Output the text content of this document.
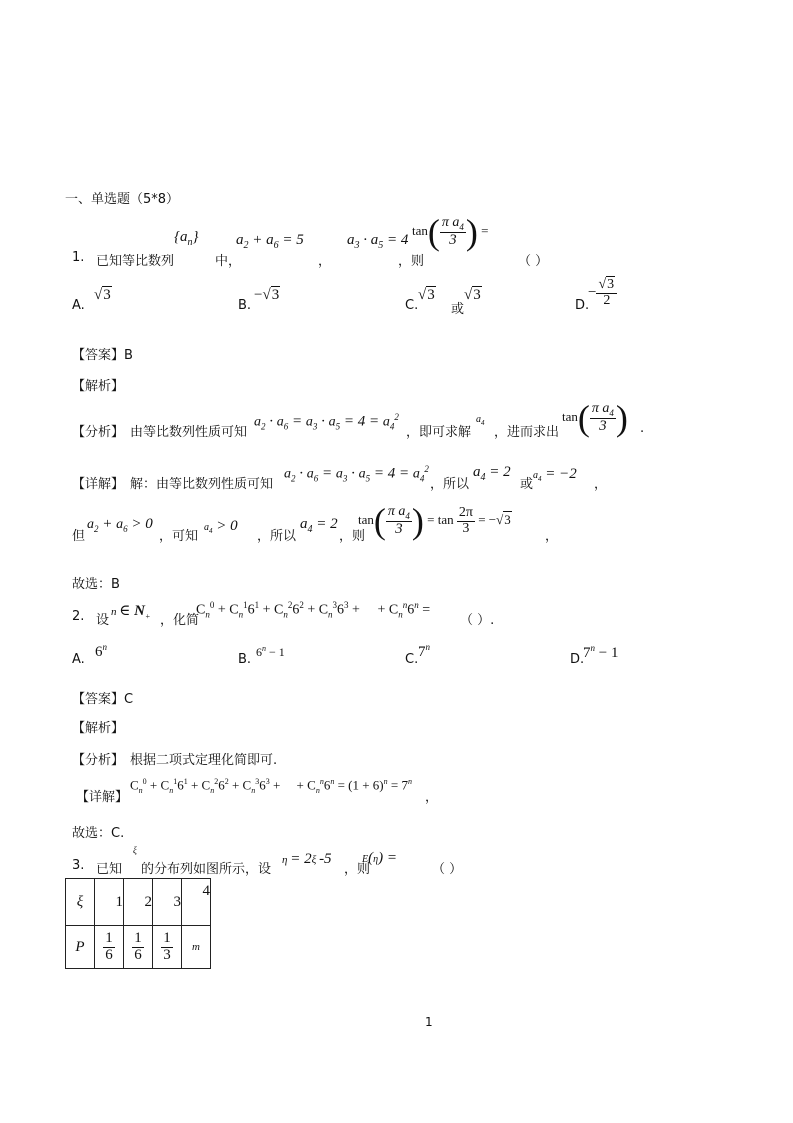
一、单选题（5*8）
1. 已知等比数列
$\{a_n\}$
中，
$a_2 + a_6 = 5$
，
$a_3 \cdot a_5 = 4$
，则
$\tan( \frac{\pi a_4}{3}$ ) =
（ ）
A.
√3
B.
−√3
C.
√3
或
√3
D.
− $\frac{√3}{2}$
【答案】B
【解析】
【分析】 由等比数列性质可知
$a_2 \cdot a_6 = a_3 \cdot a_5 = 4 = a_4^2$
，即可求解
$a_4$
，进而求出
$\tan( \frac{\pi a_4}{3}$ ) .
【详解】 解：由等比数列性质可知
$a_2 \cdot a_6 = a_3 \cdot a_5 = 4 = a_4^2$
，所以
$a_4 = 2$
或
$a_4 = -2$
，
但
$a_2 + a_6 > 0$
，可知
$a_4 > 0$
，所以
$a_4 = 2$
，则
$\tan( \frac{\pi a_4}{3}$ ) = $\tan \frac{2\pi}{3} = -√3$
，
故选：B
2. 设
n ∈ $N_+$ ，化简
$C_n^0 + C_n^16^1 + C_n^26^2 + C_n^36^3$ +     + $C_n^n6^n$ =
（ ）.
A. 6$^n$
B. $6^n - 1$	C. 7$^n$
D.
$7^n - 1$
【答案】C
【解析】
【分析】 根据二项式定理化简即可.
【详解】
$C_n^0 + C_n^16^1 + C_n^26^2 + C_n^36^3$ +     + $C_n^n6^n = (1 + 6)^n = 7^n$
，
故选：C.
3. 已知
ξ
的分布列如图所示，设
η = 2ξ -5
，则
E(η) =
（ ）
ξ	1	2	3	4
P	$\frac{1}{6}$	$\frac{1}{6}$	$\frac{1}{3}$	m
1
